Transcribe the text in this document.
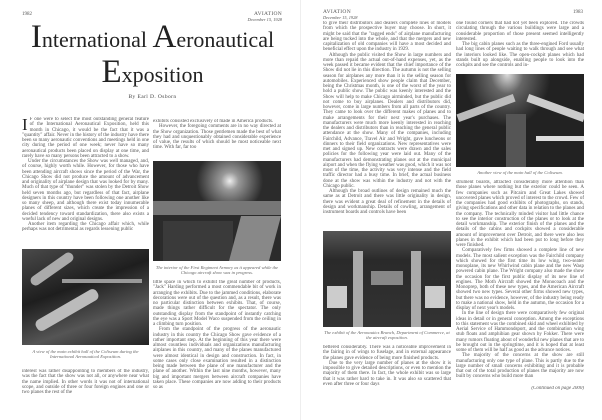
1982	AVIATION
December 15, 1928
International Aeronautical
Exposition
By Earl D. Osborn

I F one were to select the most outstanding general feature of the International Aeronautical Exposition, held this month in Chicago, it would be the fact that it was a "quantity" affair. Never in the history of the industry have there been so many aeronautic conventions and meetings held in one city during the period of one week; never have so many aeronautical products been placed on display at one time, and rarely have so many persons been attracted to a show.

Under the circumstances the Show was well managed, and, of course, highly worth while. However, for those who have been attending aircraft shows since the period of the War, the Chicago Show did not produce the amount of advancement and originality of airplane design that was looked for by many. Much of that type of "thunder" was stolen by the Detroit Show held seven months ago, but regardless of that fact, airplane designers in this country have been following one another like so many sheep, and although there exist today innumerable planes of different sizes, which create the impression of a decided tendency toward standardization, there also exists a woeful lack of new and original designs.

Another item regarding the Chicago affair which, while perhaps was not detrimental as regards lessening public

A view of the main exhibit hall of the Coliseum during the International Aeronautical Exposition.

interest was rather disappointing to members of the industry, was the fact that the show was not all, or anywhere near what the name implied. In other words it was not of international scope, and outside of three or four foreign engines and one or two planes the rest of the

exhibits consisted exclusively of made in America products.

However, the foregoing comments are in no way directed at the Show organization. Those gentlemen made the best of what they had and unquestionably obtained considerable experience of value, the results of which should be most noticeable next time. With far, far too

The interior of the First Regiment Armory as it appeared while the Chicago aircraft show was in progress.

little space in which to exhibit the great number of products, "Jack" Harding performed a most commendable bit of work in arranging the exhibits. Due to the jammed conditions, elaborate decorations were out of the question and, as a result, there was no particular distinction between exhibits. That, of course, made things rather difficult for the spectator. The only outstanding display from the standpoint of instantly catching the eye was a Sport Model Waco suspended from the ceiling in a climbing turn position.

From the standpoint of the progress of the aeronautic industry in this country the Chicago Show gave evidence of a rather important step. At the beginning of this year there were almost countless individuals and organizations manufacturing airplanes in this country, and many of the planes manufactured were almost identical in design and construction. In fact, in some cases only close examination resulted in a distinction being made between the plane of one manufacturer and the plane of another. Within the last nine months, however, many big and important mergers between aircraft companies have taken place. These companies are now adding to their products so as

AVIATION
December 15, 1928
1983

to give their distributors and dealers complete lines of models from which the prospective buyer may choose. In short, it might be said that the "ragged ends" of airplane manufacturing are being tucked into the whole, and that the mergers and new capitalization of old companies will have a most decided and beneficial effect upon the industry in 1929.

Although the public visited the Show in large numbers and more than repaid the actual out-of-hand expenses, yet, as the week passed it became evident that the chief importance of the Show did not lie in this direction. The autumn is not the selling season for airplanes any more than it is the selling season for automobiles. Experienced show people claim that December, being the Christmas month, is one of the worst of the year to hold a public show. The public was keenly interested and the Show will help to make Chicago airminded, but the public did not come to buy airplanes. Dealers and distributors did, however, come in large numbers from all parts of the country. They came to look over the different makes of planes and to make arrangements for their next year's purchases. The manufacturers were much more keenly interested in reaching the dealers and distributors than in reaching the general public attendance at the show. Many of the companies, including Fairchild, Advance, Travel Air and Wright, gave luncheons or dinners to their field organizations. New representatives were met and signed up. New contracts were drawn and the sales policies for the following year were laid out. Many of the manufacturers had demonstrating planes out at the municipal airport and when the flying weather was good, which it was not most of the time, the activity was very intense and the field traffic director had a busy time. In brief, the actual business done at the show was within the industry and not with the Chicago public.

Although the broad outlines of design remained much the same as at Detroit and there was little originality in design, there was evident a great deal of refinement in the details of design and workmanship. Details of cowling, arrangement of instrument boards and controls have been

The exhibit of the Aeronautics Branch, Department of Commerce, at the aircraft exposition.

bettered considerably. There was a noticeable improvement in the fairing in of wings to fuselage, and in external appearance the planes gave evidence of being more finished products.

Due to the very large number of planes at the show it is impossible to give detailed descriptions, or even to mention the majority of them there. In fact, the whole exhibit was so large that it was rather hard to take in. It was also so scattered that even after three or four days

one found corners that had not yet been explored. The crowds circulating through the various buildings were large and a considerable proportion of those present seemed intelligently interested.

The big cabin planes such as the three-engined Ford usually had long lines of people waiting to walk through and see what the interiors looked like. The open-cockpit planes which had stands built up alongside, enabling people to look into the cockpits and see the controls and in-

Another view of the main hall of the Coliseum.

strument boards, attracted considerably more attention than those planes where nothing but the exterior could be seen. A few companies such as Pitcairn and Great Lakes showed uncovered planes which proved of interest to the crowd. Few of the companies had good exhibits of photographs, on stands, giving specifications and other data in relation to the planes and the company. The technically minded visitor had little chance to see the interior construction of the planes or to look at the detail workmanship. The exterior finish of the planes and the details of the cabins and cockpits showed a considerable amount of improvement over Detroit, and there were also less planes in the exhibit which had been put to long before they were finished.

Comparatively few firms showed a complete line of new models. The most salient exception was the Fairchild company which showed for the first time its low wing, two-seater monoplane, its new Whirlwind cabin plane and the new Wasp powered cabin plane. The Wright company also made the show the occasion for the first public display of its new line of engines. The Moth Aircraft showed the Monocoach and the Monoprep, both of these new types, and the American Aircraft showed two new types. Several other firms showed new types, but there was no evidence, however, of the industry being ready to make a national show, held in the autumn, the occasion for a display of next year's models.

In the line of design there were comparatively few original ideas in detail or in general conception. Among the exceptions to this statement was the combined skid and wheel exhibited by Aerial Service of Hammondsport, and the combination wing stub floats and amphibian gear shown by Fokker. There were many rumors floating about of wonderful new planes that are to be brought out in the springtime, and it is hoped that at least some of them will be half as good as the advance notices.

The majority of the concerns at the show are still manufacturing only one type of plane. This is partly due to the large number of small concerns exhibiting and it is probable that out of the total production of planes the majority are now built by concerns who build more than

(Continued on page 2000)
